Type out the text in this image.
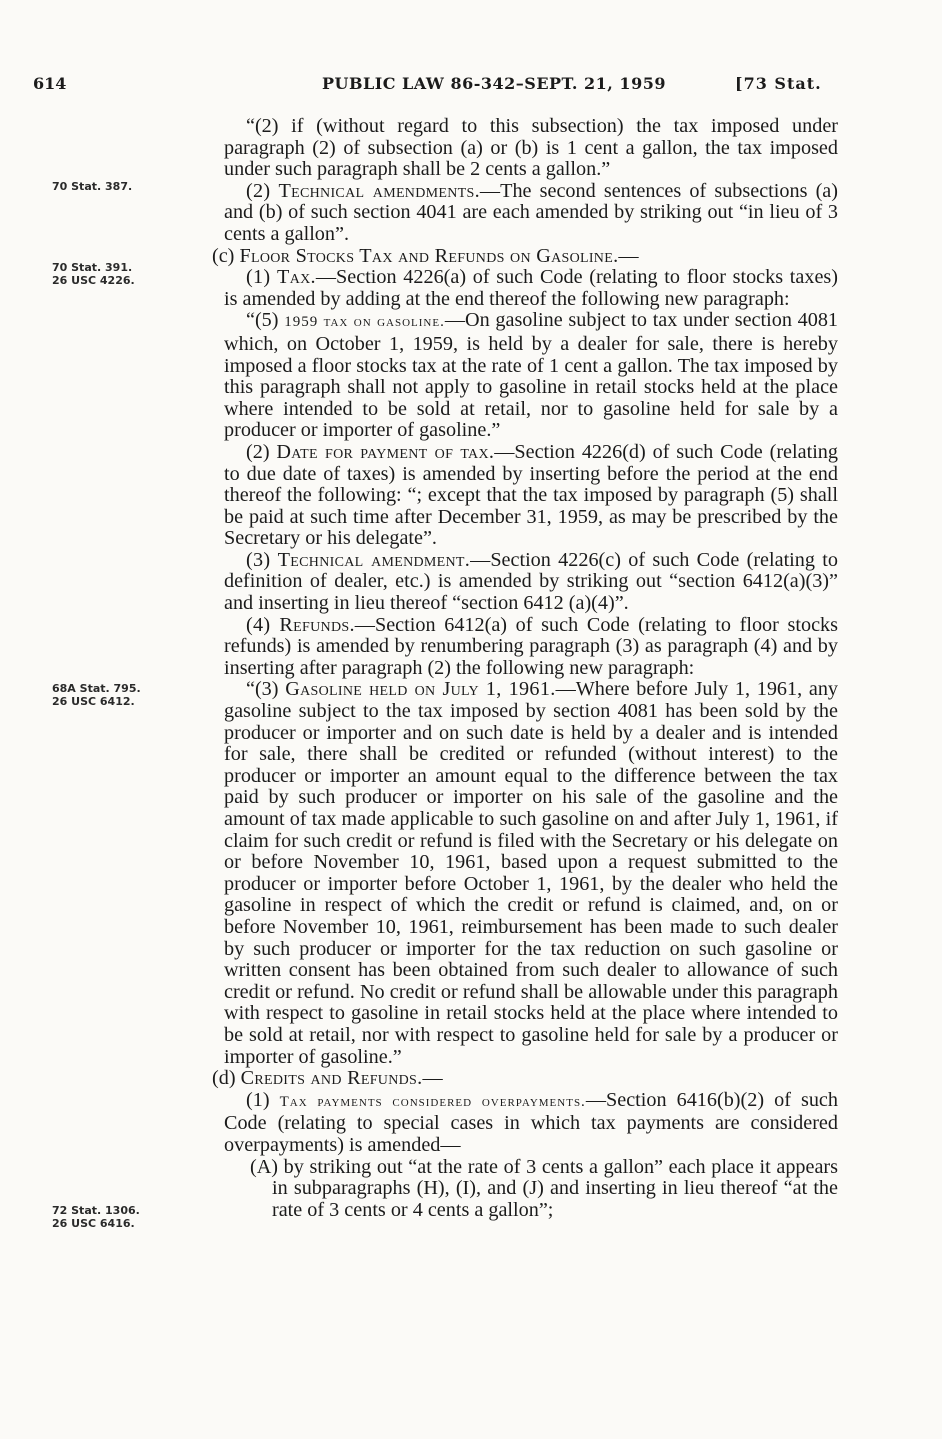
614	PUBLIC LAW 86-342–SEPT. 21, 1959	[73 Stat.
70 Stat. 387.
70 Stat. 391.
26 USC 4226.
68A Stat. 795.
26 USC 6412.
72 Stat. 1306.
26 USC 6416.

“(2) if (without regard to this subsection) the tax imposed under paragraph (2) of subsection (a) or (b) is 1 cent a gallon, the tax imposed under such paragraph shall be 2 cents a gallon.”

(2) Technical amendments.—The second sentences of subsections (a) and (b) of such section 4041 are each amended by striking out “in lieu of 3 cents a gallon”.

(c) Floor Stocks Tax and Refunds on Gasoline.—

(1) Tax.—Section 4226(a) of such Code (relating to floor stocks taxes) is amended by adding at the end thereof the following new paragraph:

“(5) 1959 tax on gasoline.—On gasoline subject to tax under section 4081 which, on October 1, 1959, is held by a dealer for sale, there is hereby imposed a floor stocks tax at the rate of 1 cent a gallon. The tax imposed by this paragraph shall not apply to gasoline in retail stocks held at the place where intended to be sold at retail, nor to gasoline held for sale by a producer or importer of gasoline.”

(2) Date for payment of tax.—Section 4226(d) of such Code (relating to due date of taxes) is amended by inserting before the period at the end thereof the following: “; except that the tax imposed by paragraph (5) shall be paid at such time after December 31, 1959, as may be prescribed by the Secretary or his delegate”.

(3) Technical amendment.—Section 4226(c) of such Code (relating to definition of dealer, etc.) is amended by striking out “section 6412(a)(3)” and inserting in lieu thereof “section 6412 (a)(4)”.

(4) Refunds.—Section 6412(a) of such Code (relating to floor stocks refunds) is amended by renumbering paragraph (3) as paragraph (4) and by inserting after paragraph (2) the following new paragraph:

“(3) Gasoline held on July 1, 1961.—Where before July 1, 1961, any gasoline subject to the tax imposed by section 4081 has been sold by the producer or importer and on such date is held by a dealer and is intended for sale, there shall be credited or refunded (without interest) to the producer or importer an amount equal to the difference between the tax paid by such producer or importer on his sale of the gasoline and the amount of tax made applicable to such gasoline on and after July 1, 1961, if claim for such credit or refund is filed with the Secretary or his delegate on or before November 10, 1961, based upon a request submitted to the producer or importer before October 1, 1961, by the dealer who held the gasoline in respect of which the credit or refund is claimed, and, on or before November 10, 1961, reimbursement has been made to such dealer by such producer or importer for the tax reduction on such gasoline or written consent has been obtained from such dealer to allowance of such credit or refund. No credit or refund shall be allowable under this paragraph with respect to gasoline in retail stocks held at the place where intended to be sold at retail, nor with respect to gasoline held for sale by a producer or importer of gasoline.”

(d) Credits and Refunds.—

(1) Tax payments considered overpayments.—Section 6416(b)(2) of such Code (relating to special cases in which tax payments are considered overpayments) is amended—

(A) by striking out “at the rate of 3 cents a gallon” each place it appears in subparagraphs (H), (I), and (J) and inserting in lieu thereof “at the rate of 3 cents or 4 cents a gallon”;
